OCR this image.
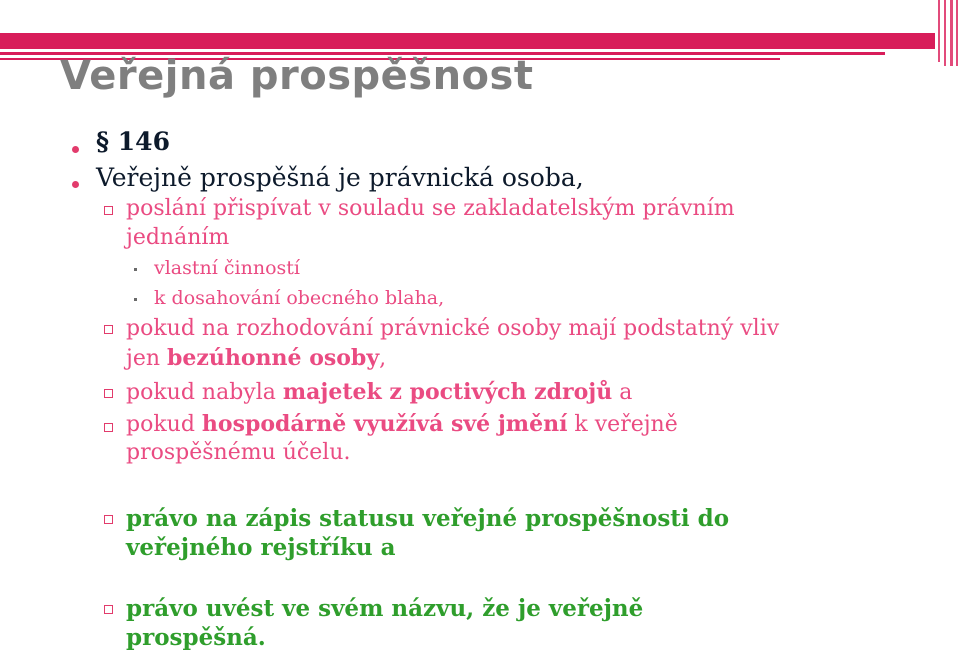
Veřejná prospěšnost
§ 146
Veřejně prospěšná je právnická osoba,
poslání přispívat v souladu se zakladatelským právním
jednáním
vlastní činností
k dosahování obecného blaha,
pokud na rozhodování právnické osoby mají podstatný vliv
jen bezúhonné osoby,
pokud nabyla majetek z poctivých zdrojů a
pokud hospodárně využívá své jmění k veřejně
prospěšnému účelu.
právo na zápis statusu veřejné prospěšnosti do
veřejného rejstříku a
právo uvést ve svém názvu, že je veřejně
prospěšná.
